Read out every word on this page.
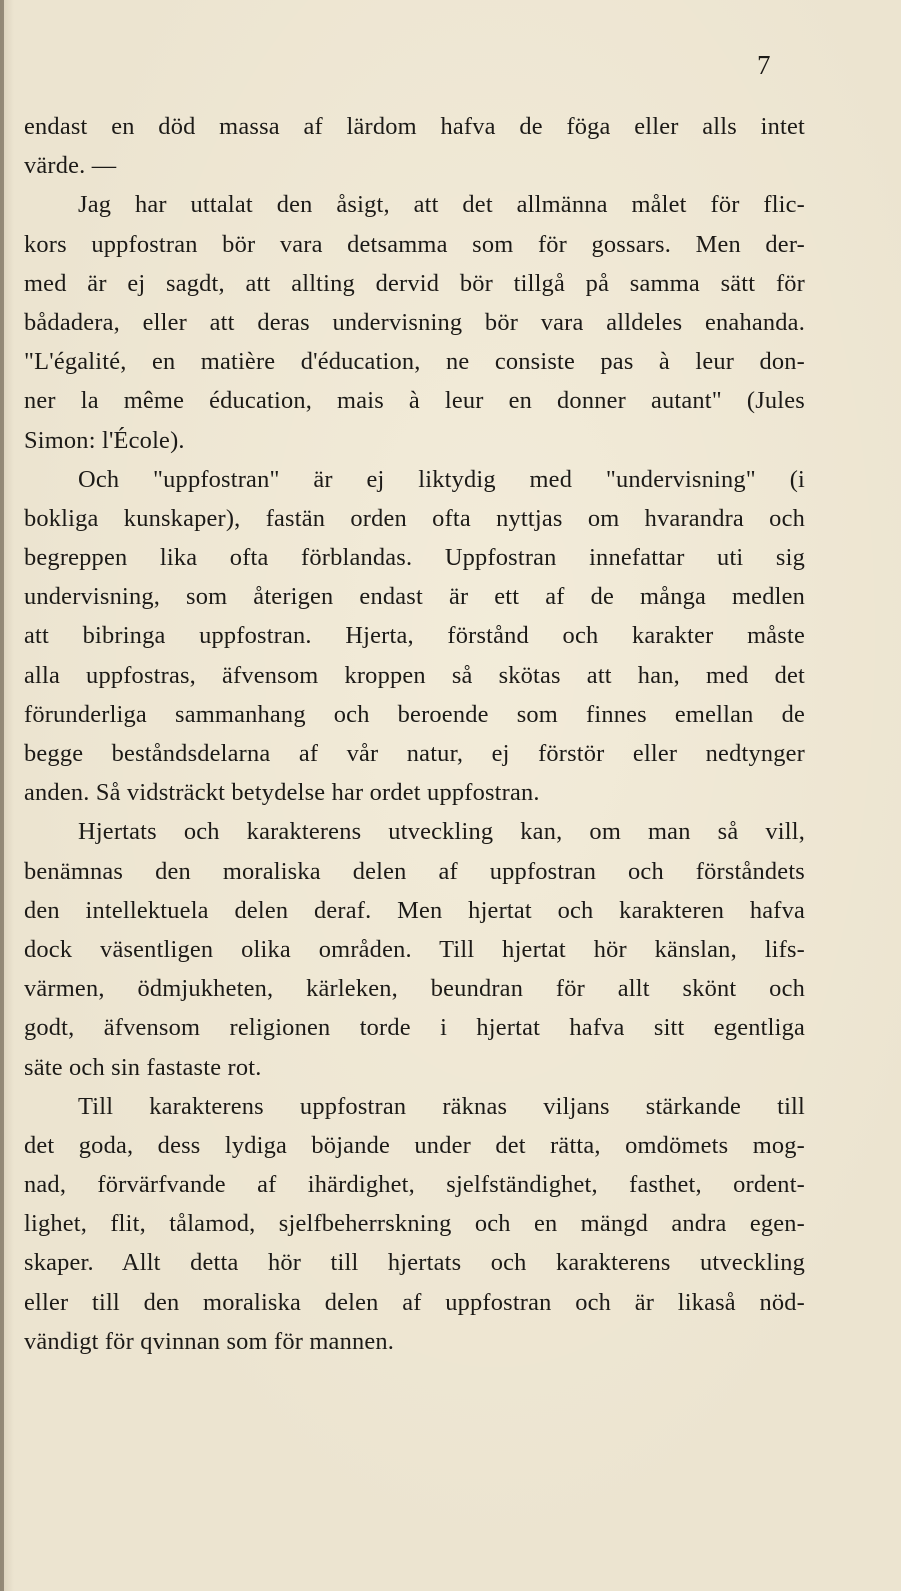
7
endast en död massa af lärdom hafva de föga eller alls intet
värde. —
Jag har uttalat den åsigt, att det allmänna målet för flic-
kors uppfostran bör vara detsamma som för gossars. Men der-
med är ej sagdt, att allting dervid bör tillgå på samma sätt för
bådadera, eller att deras undervisning bör vara alldeles enahanda.
"L'égalité, en matière d'éducation, ne consiste pas à leur don-
ner la même éducation, mais à leur en donner autant" (Jules
Simon: l'École).
Och "uppfostran" är ej liktydig med "undervisning" (i
bokliga kunskaper), fastän orden ofta nyttjas om hvarandra och
begreppen lika ofta förblandas. Uppfostran innefattar uti sig
undervisning, som återigen endast är ett af de många medlen
att bibringa uppfostran. Hjerta, förstånd och karakter måste
alla uppfostras, äfvensom kroppen så skötas att han, med det
förunderliga sammanhang och beroende som finnes emellan de
begge beståndsdelarna af vår natur, ej förstör eller nedtynger
anden. Så vidsträckt betydelse har ordet uppfostran.
Hjertats och karakterens utveckling kan, om man så vill,
benämnas den moraliska delen af uppfostran och förståndets
den intellektuela delen deraf. Men hjertat och karakteren hafva
dock väsentligen olika områden. Till hjertat hör känslan, lifs-
värmen, ödmjukheten, kärleken, beundran för allt skönt och
godt, äfvensom religionen torde i hjertat hafva sitt egentliga
säte och sin fastaste rot.
Till karakterens uppfostran räknas viljans stärkande till
det goda, dess lydiga böjande under det rätta, omdömets mog-
nad, förvärfvande af ihärdighet, sjelfständighet, fasthet, ordent-
lighet, flit, tålamod, sjelfbeherrskning och en mängd andra egen-
skaper. Allt detta hör till hjertats och karakterens utveckling
eller till den moraliska delen af uppfostran och är likaså nöd-
vändigt för qvinnan som för mannen.
